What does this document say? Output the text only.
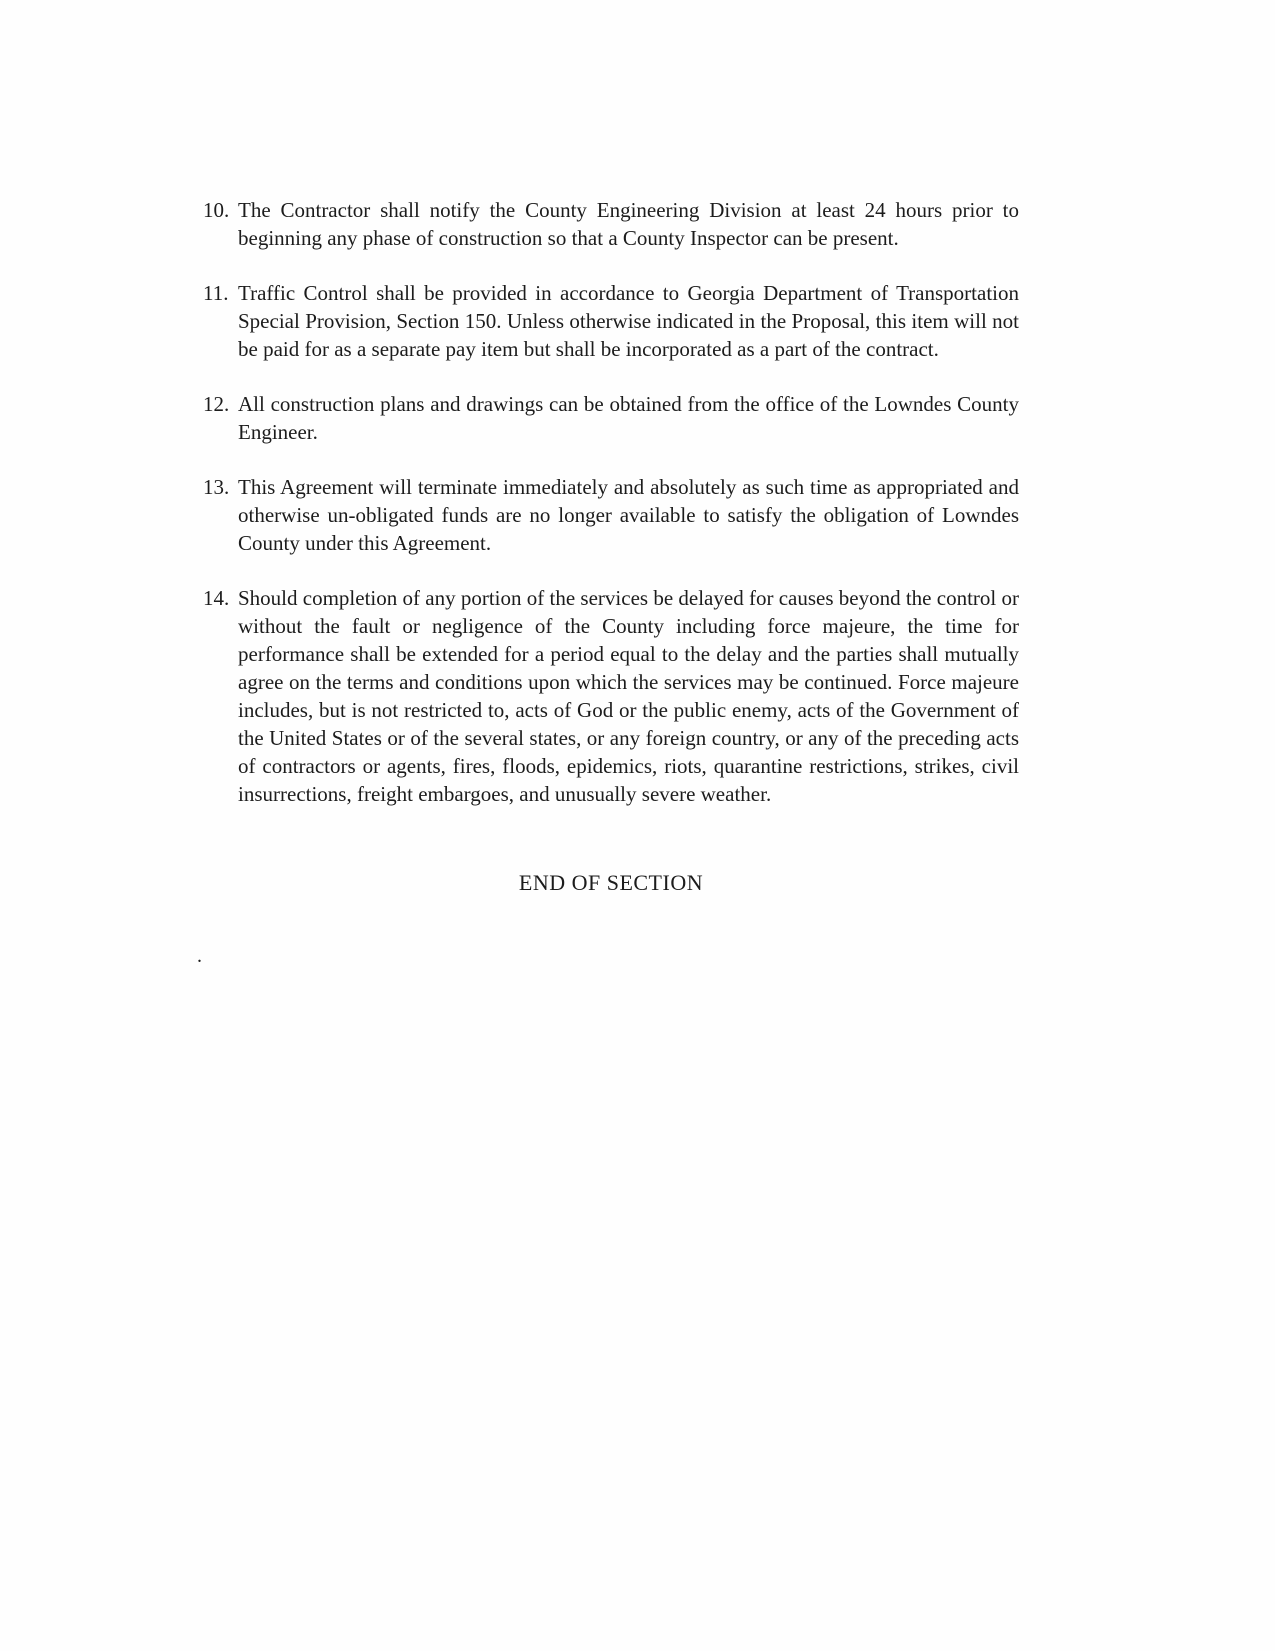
10. The Contractor shall notify the County Engineering Division at least 24 hours prior to beginning any phase of construction so that a County Inspector can be present.

11. Traffic Control shall be provided in accordance to Georgia Department of Transportation Special Provision, Section 150. Unless otherwise indicated in the Proposal, this item will not be paid for as a separate pay item but shall be incorporated as a part of the contract.

12. All construction plans and drawings can be obtained from the office of the Lowndes County Engineer.

13. This Agreement will terminate immediately and absolutely as such time as appropriated and otherwise un-obligated funds are no longer available to satisfy the obligation of Lowndes County under this Agreement.

14. Should completion of any portion of the services be delayed for causes beyond the control or without the fault or negligence of the County including force majeure, the time for performance shall be extended for a period equal to the delay and the parties shall mutually agree on the terms and conditions upon which the services may be continued. Force majeure includes, but is not restricted to, acts of God or the public enemy, acts of the Government of the United States or of the several states, or any foreign country, or any of the preceding acts of contractors or agents, fires, floods, epidemics, riots, quarantine restrictions, strikes, civil insurrections, freight embargoes, and unusually severe weather.

END OF SECTION
.
